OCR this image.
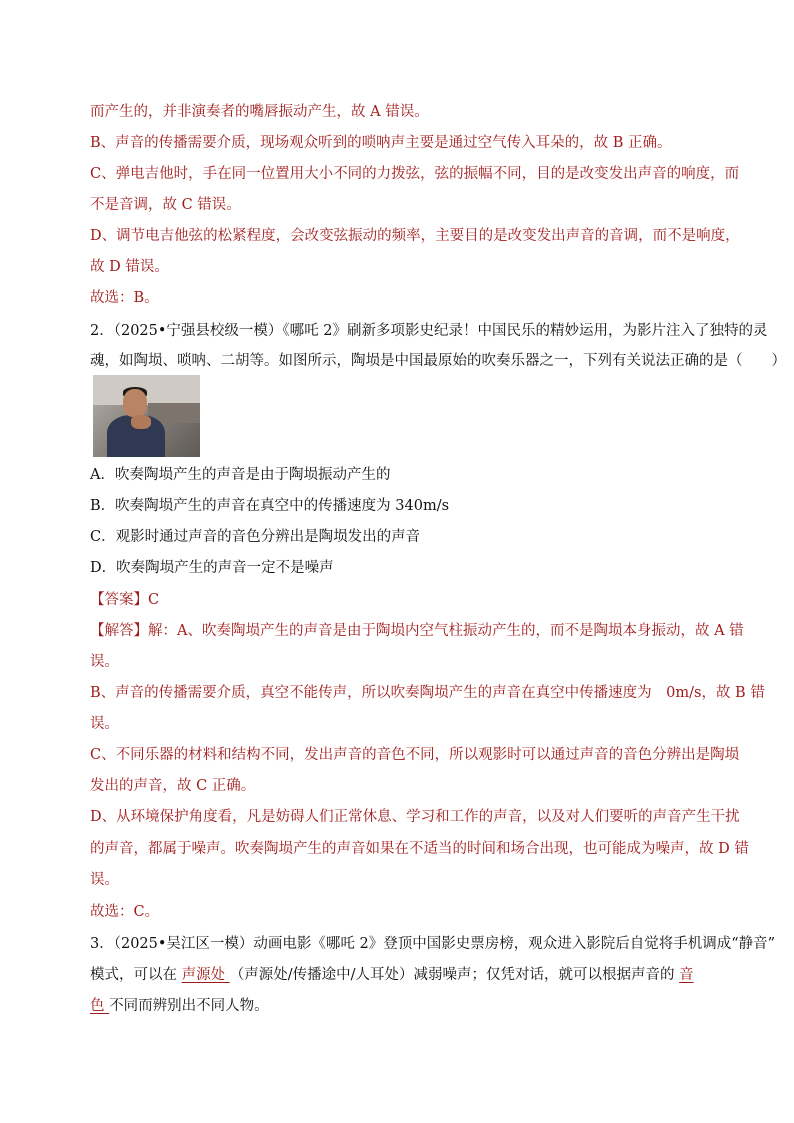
而产生的，并非演奏者的嘴唇振动产生，故 A 错误。
B、声音的传播需要介质，现场观众听到的唢呐声主要是通过空气传入耳朵的，故 B 正确。
C、弹电吉他时，手在同一位置用大小不同的力拨弦，弦的振幅不同，目的是改变发出声音的响度，而
不是音调，故 C 错误。
D、调节电吉他弦的松紧程度，会改变弦振动的频率，主要目的是改变发出声音的音调，而不是响度，
故 D 错误。
故选：B。
2．（2025•宁强县校级一模）《哪吒 2》刷新多项影史纪录！中国民乐的精妙运用，为影片注入了独特的灵
魂，如陶埙、唢呐、二胡等。如图所示，陶埙是中国最原始的吹奏乐器之一，下列有关说法正确的是（　　）
A．吹奏陶埙产生的声音是由于陶埙振动产生的
B．吹奏陶埙产生的声音在真空中的传播速度为 340m/s
C．观影时通过声音的音色分辨出是陶埙发出的声音
D．吹奏陶埙产生的声音一定不是噪声
【答案】C
【解答】解：A、吹奏陶埙产生的声音是由于陶埙内空气柱振动产生的，而不是陶埙本身振动，故 A 错
误。
B、声音的传播需要介质，真空不能传声，所以吹奏陶埙产生的声音在真空中传播速度为　0m/s，故 B 错
误。
C、不同乐器的材料和结构不同，发出声音的音色不同，所以观影时可以通过声音的音色分辨出是陶埙
发出的声音，故 C 正确。
D、从环境保护角度看，凡是妨碍人们正常休息、学习和工作的声音，以及对人们要听的声音产生干扰
的声音，都属于噪声。吹奏陶埙产生的声音如果在不适当的时间和场合出现，也可能成为噪声，故 D 错
误。
故选：C。
3．（2025•吴江区一模）动画电影《哪吒 2》登顶中国影史票房榜，观众进入影院后自觉将手机调成“静音”
模式，可以在 声源处 （声源处/传播途中/人耳处）减弱噪声；仅凭对话，就可以根据声音的 音
色 不同而辨别出不同人物。
